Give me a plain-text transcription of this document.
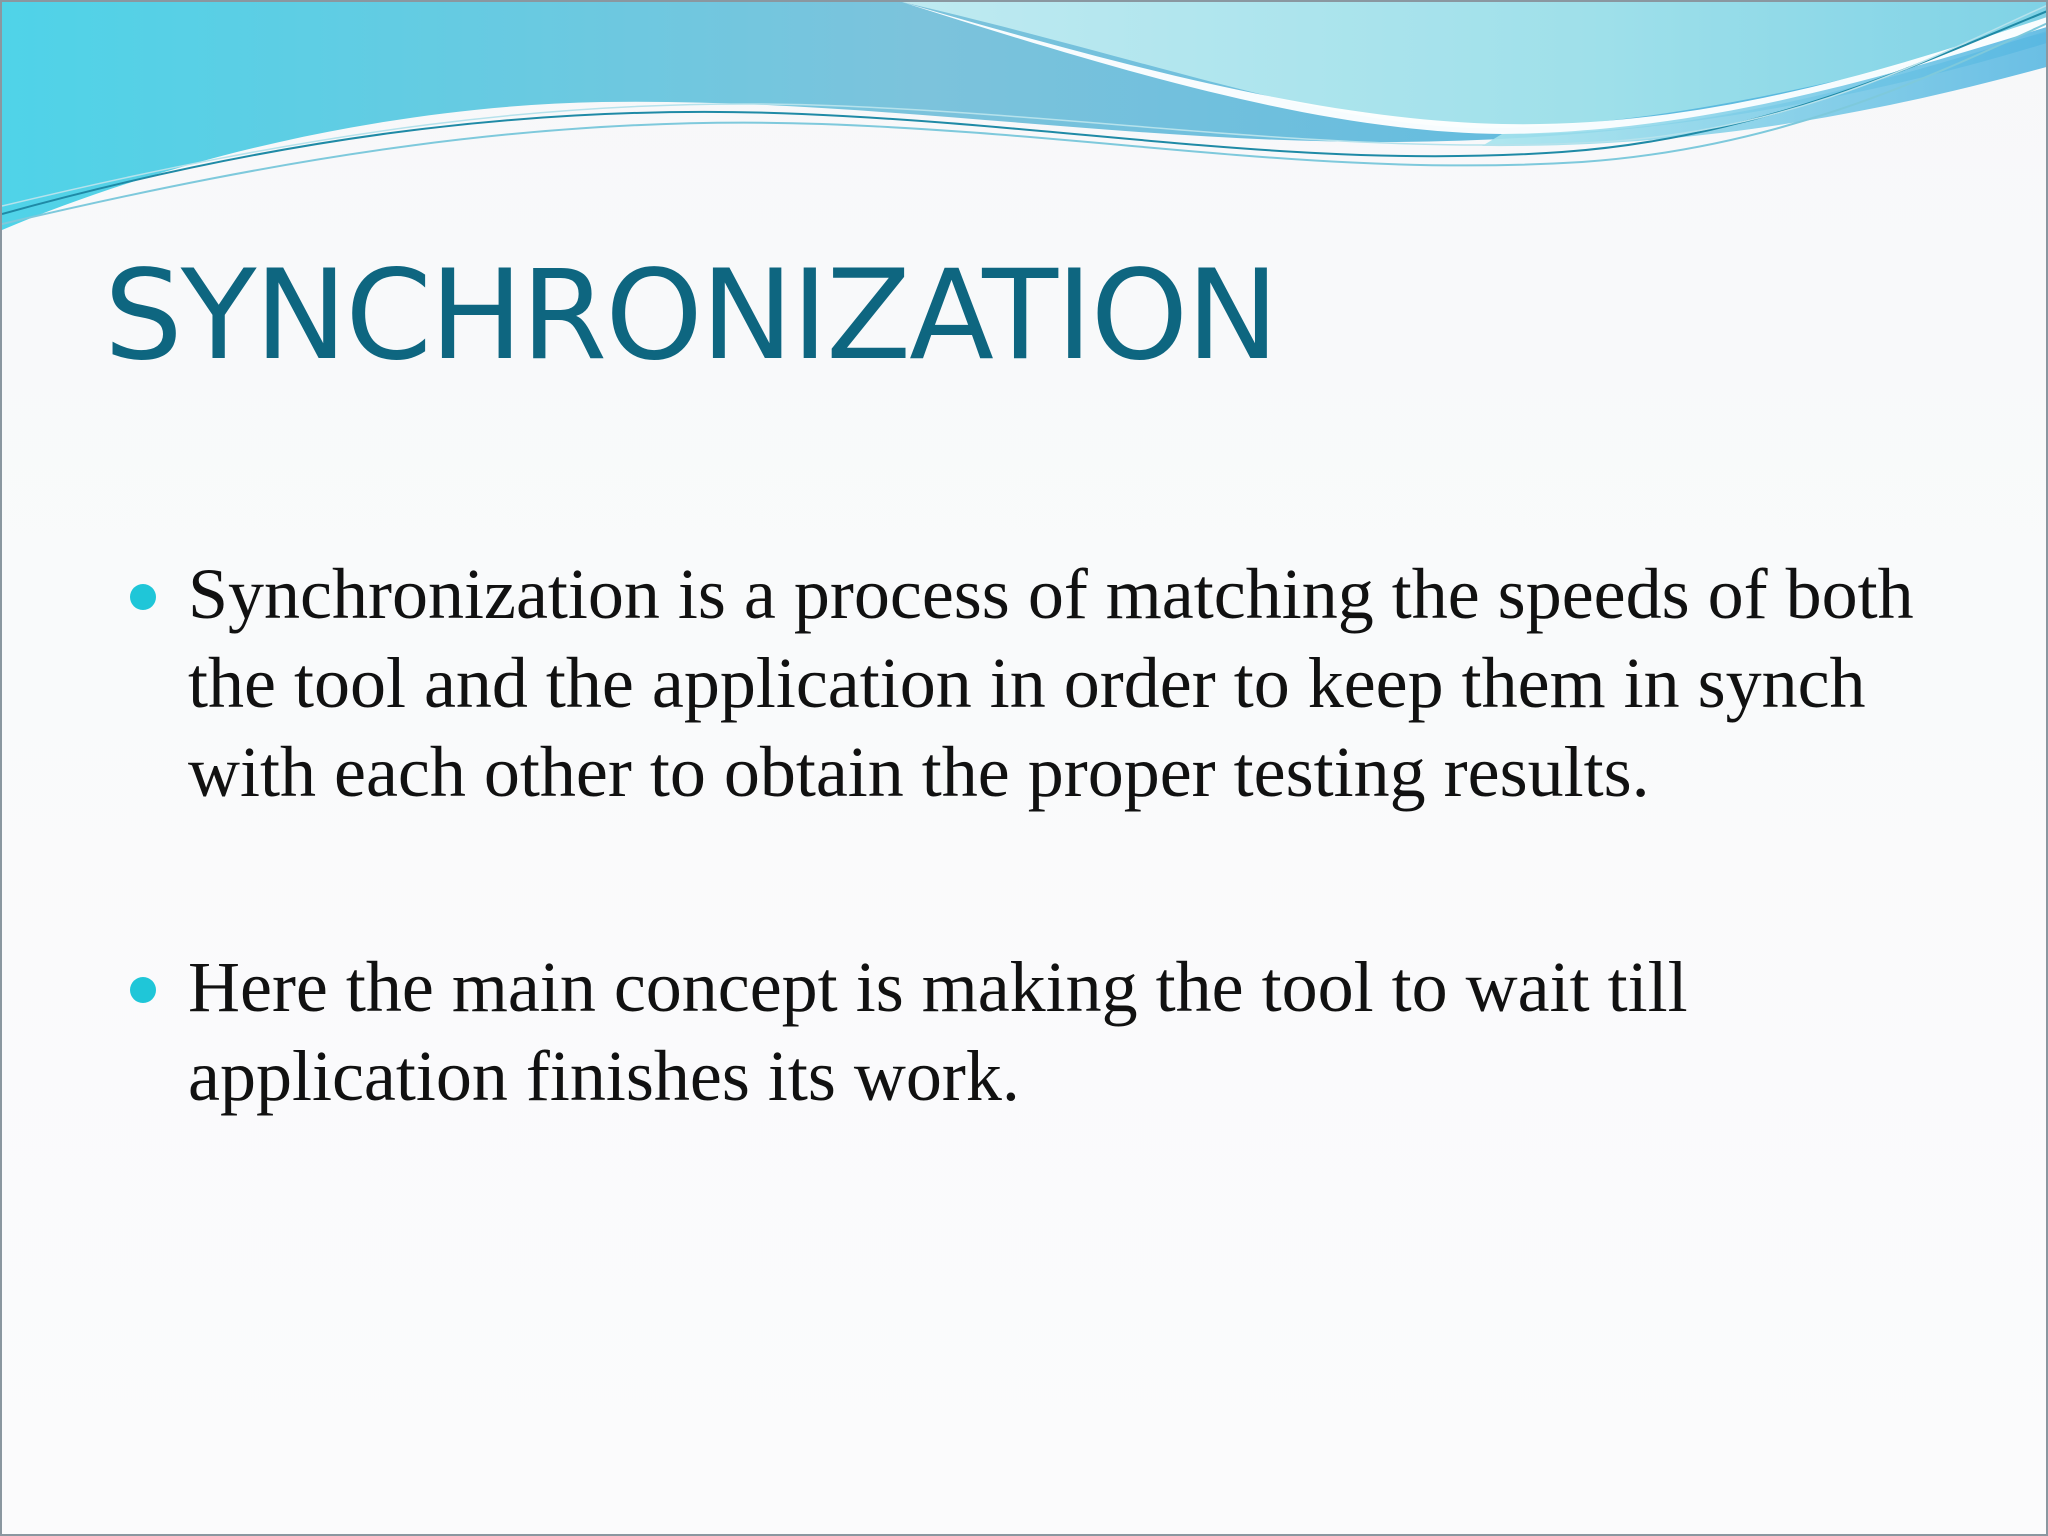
SYNCHRONIZATION
Synchronization is a process of matching the speeds of both the tool and the application in order to keep them in synch with each other to obtain the proper testing results.
Here the main concept is making the tool to wait till application finishes its work.
